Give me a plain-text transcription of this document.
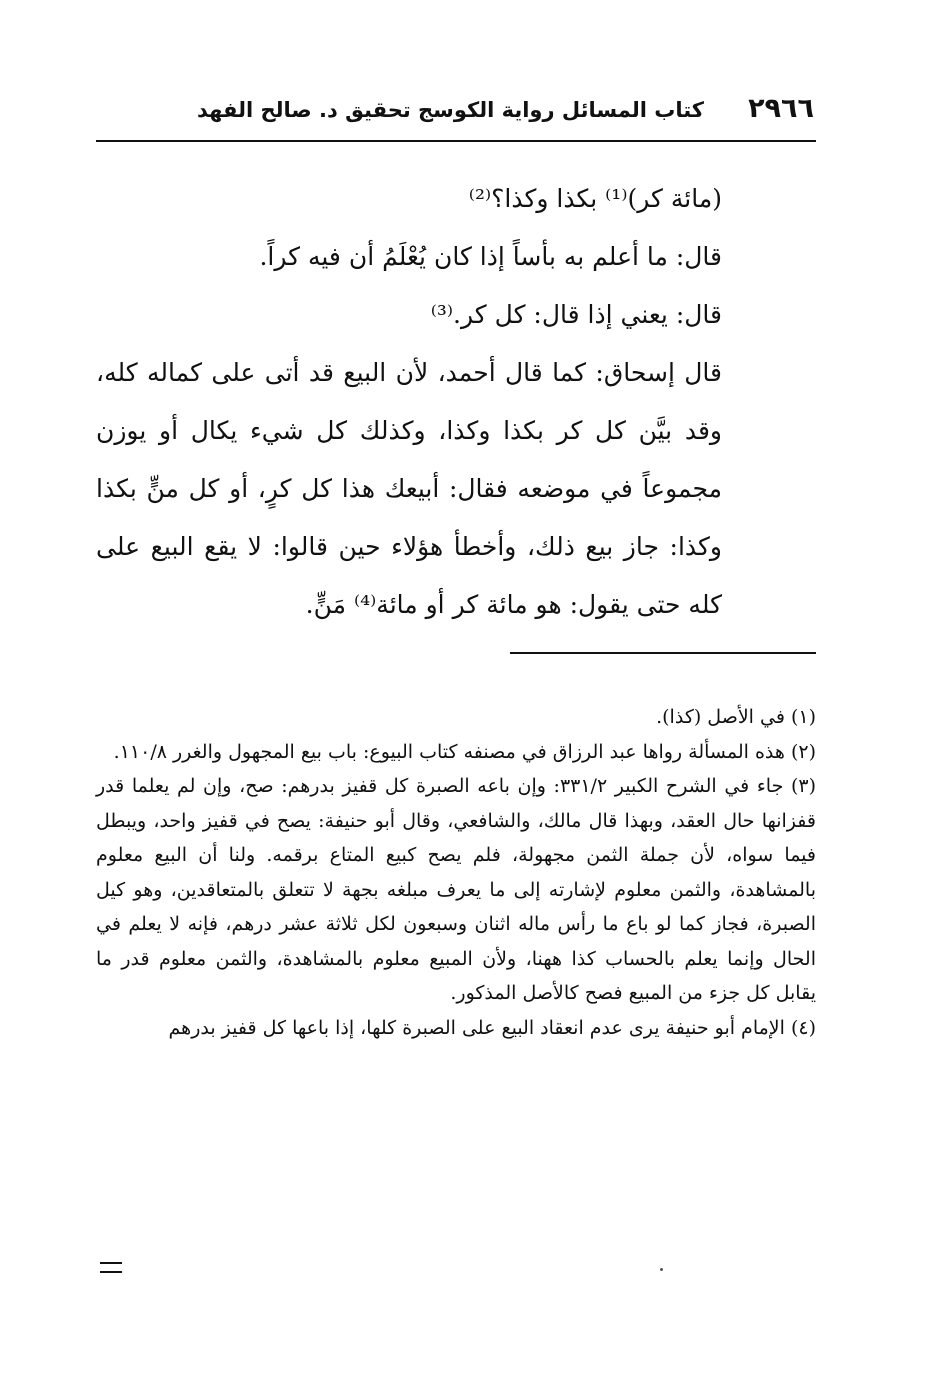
٢٩٦٦
كتاب المسائل رواية الكوسج تحقيق د. صالح الفهد

(مائة كر)⁽¹⁾ بكذا وكذا؟⁽²⁾

قال: ما أعلم به بأساً إذا كان يُعْلَمُ أن فيه كراً.

قال: يعني إذا قال: كل كر.⁽³⁾

قال إسحاق: كما قال أحمد، لأن البيع قد أتى على كماله كله، وقد بيَّن كل كر بكذا وكذا، وكذلك كل شيء يكال أو يوزن مجموعاً في موضعه فقال: أبيعك هذا كل كرٍ، أو كل منٍّ بكذا وكذا: جاز بيع ذلك، وأخطأ هؤلاء حين قالوا: لا يقع البيع على كله حتى يقول: هو مائة كر أو مائة⁽⁴⁾ مَنٍّ.

(١) في الأصل (كذا).

(٢) هذه المسألة رواها عبد الرزاق في مصنفه كتاب البيوع: باب بيع المجهول والغرر ١١٠/٨.

(٣) جاء في الشرح الكبير ٣٣١/٢: وإن باعه الصبرة كل قفيز بدرهم: صح، وإن لم يعلما قدر قفزانها حال العقد، وبهذا قال مالك، والشافعي، وقال أبو حنيفة: يصح في قفيز واحد، ويبطل فيما سواه، لأن جملة الثمن مجهولة، فلم يصح كبيع المتاع برقمه. ولنا أن البيع معلوم بالمشاهدة، والثمن معلوم لإشارته إلى ما يعرف مبلغه بجهة لا تتعلق بالمتعاقدين، وهو كيل الصبرة، فجاز كما لو باع ما رأس ماله اثنان وسبعون لكل ثلاثة عشر درهم، فإنه لا يعلم في الحال وإنما يعلم بالحساب كذا ههنا، ولأن المبيع معلوم بالمشاهدة، والثمن معلوم قدر ما يقابل كل جزء من المبيع فصح كالأصل المذكور.

(٤) الإمام أبو حنيفة يرى عدم انعقاد البيع على الصبرة كلها، إذا باعها كل قفيز بدرهم
